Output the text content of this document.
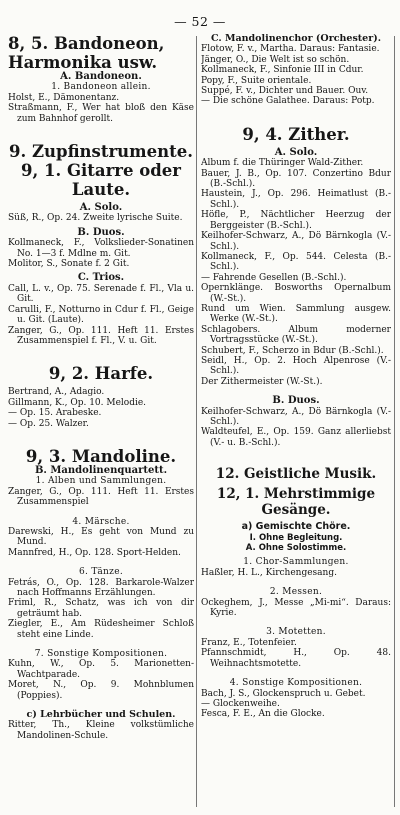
— 52 —

8, 5. Bandoneon, Harmonika usw.

A. Bandoneon.

1. Bandoneon allein.

Holst, E., Dämonentanz.

Straßmann, F., Wer hat bloß den Käse zum Bahnhof gerollt.

9. Zupfinstrumente.

9, 1. Gitarre oder Laute.

A. Solo.

Süß, R., Op. 24. Zweite lyrische Suite.

B. Duos.

Kollmaneck, F., Volkslieder-Sonatinen No. 1—3 f. Mdlne m. Git.

Molitor, S., Sonate f. 2 Git.

C. Trios.

Call, L. v., Op. 75. Serenade f. Fl., Vla u. Git.

Carulli, F., Notturno in Cdur f. Fl., Geige u. Git. (Laute).

Zanger, G., Op. 111. Heft 11. Erstes Zusammenspiel f. Fl., V. u. Git.

9, 2. Harfe.

Bertrand, A., Adagio.

Gillmann, K., Op. 10. Melodie.

— Op. 15. Arabeske.

— Op. 25. Walzer.

9, 3. Mandoline.

B. Mandolinenquartett.

1. Alben und Sammlungen.

Zanger, G., Op. 111. Heft 11. Erstes Zusammenspiel

4. Märsche.

Darewski, H., Es geht von Mund zu Mund.

Mannfred, H., Op. 128. Sport-Helden.

6. Tänze.

Fetrás, O., Op. 128. Barkarole-Walzer nach Hoffmanns Erzählungen.

Friml, R., Schatz, was ich von dir geträumt hab.

Ziegler, E., Am Rüdesheimer Schloß steht eine Linde.

7. Sonstige Kompositionen.

Kuhn, W., Op. 5. Marionetten-Wachtparade.

Moret, N., Op. 9. Mohnblumen (Poppies).

c) Lehrbücher und Schulen.

Ritter, Th., Kleine volkstümliche Mandolinen-Schule.

C. Mandolinenchor (Orchester).

Flotow, F. v., Martha. Daraus: Fantasie.

Jänger, O., Die Welt ist so schön.

Kollmaneck, F., Sinfonie III in Cdur.

Popy, F., Suite orientale.

Suppé, F. v., Dichter und Bauer. Ouv.

— Die schöne Galathee. Daraus: Potp.

9, 4. Zither.

A. Solo.

Album f. die Thüringer Wald-Zither.

Bauer, J. B., Op. 107. Conzertino Bdur (B.-Schl.).

Haustein, J., Op. 296. Heimatlust (B.-Schl.).

Höfle, P., Nächtlicher Heerzug der Berggeister (B.-Schl.).

Keilhofer-Schwarz, A., Dö Bärnkogla (V.-Schl.).

Kollmaneck, F., Op. 544. Celesta (B.-Schl.).

— Fahrende Gesellen (B.-Schl.).

Opernklänge. Bosworths Opernalbum (W.-St.).

Rund um Wien. Sammlung ausgew. Werke (W.-St.).

Schlagobers. Album moderner Vortragsstücke (W.-St.).

Schubert, F., Scherzo in Bdur (B.-Schl.).

Seidl, H., Op. 2. Hoch Alpenrose (V.-Schl.).

Der Zithermeister (W.-St.).

B. Duos.

Keilhofer-Schwarz, A., Dö Bärnkogla (V.-Schl.).

Waldteufel, E., Op. 159. Ganz allerliebst (V.- u. B.-Schl.).

12. Geistliche Musik.

12, 1. Mehrstimmige Gesänge.

a) Gemischte Chöre.

I. Ohne Begleitung.

A. Ohne Solostimme.

1. Chor-Sammlungen.

Haßler, H. L., Kirchengesang.

2. Messen.

Ockeghem, J., Messe „Mi-mi“. Daraus: Kyrie.

3. Motetten.

Franz, E., Totenfeier.

Pfannschmidt, H., Op. 48. Weihnachtsmotette.

4. Sonstige Kompositionen.

Bach, J. S., Glockenspruch u. Gebet.

— Glockenweihe.

Fesca, F. E., An die Glocke.
